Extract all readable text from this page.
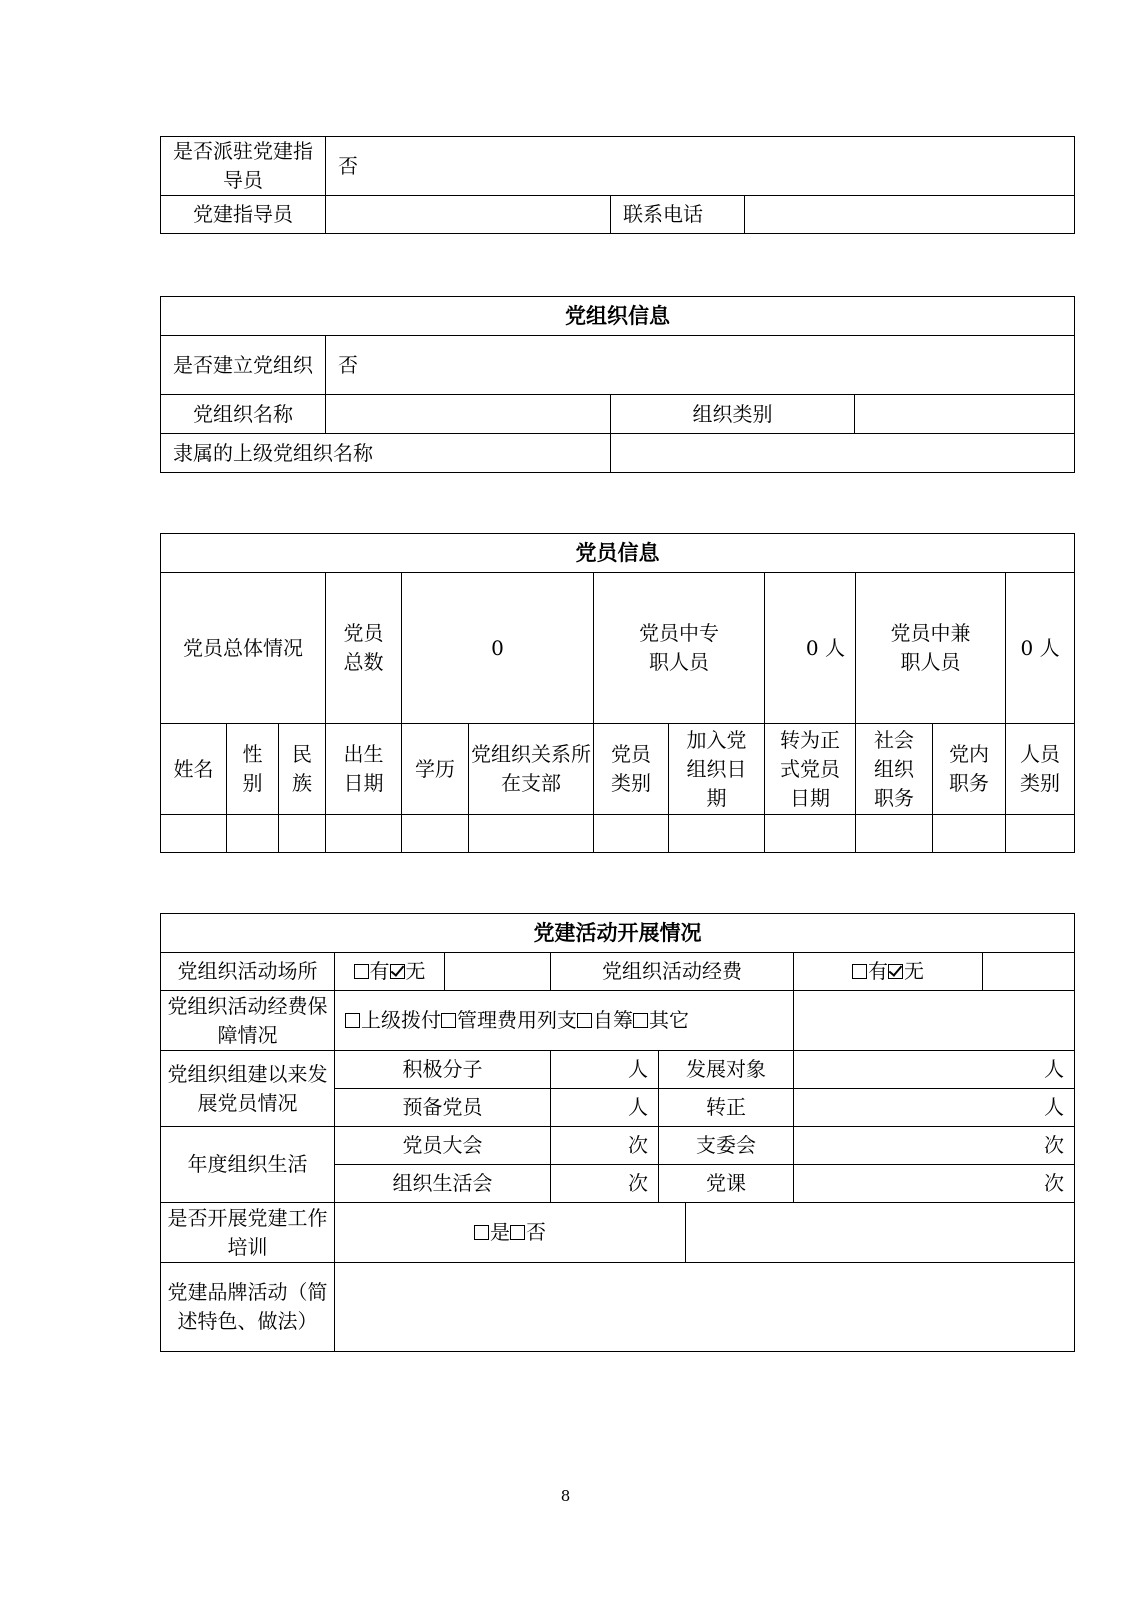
是否派驻党建指导员	否		
党建指导员		联系电话	
党组织信息			
是否建立党组织	否		
党组织名称		组织类别	
隶属的上级党组织名称			
党员信息											
党员总体情况			党员总数	0		党员中专职人员		0 人	党员中兼职人员		0 人
姓名	性别	民族	出生日期	学历	党组织关系所在支部	党员类别	加入党组织日期	转为正式党员日期	社会组织职务	党内职务	人员类别

党建活动开展情况							
党组织活动场所	有 无		党组织活动经费			有 无	
党组织活动经费保障情况	上级拨付 管理费用列支 自筹 其它						
党组织组建以来发展党员情况	积极分子		人	发展对象		人	
	预备党员		人	转正		人	
年度组织生活	党员大会		次	支委会		次	
	组织生活会		次	党课		次	
是否开展党建工作培训	是 否						
党建品牌活动（简述特色、做法）							
8
